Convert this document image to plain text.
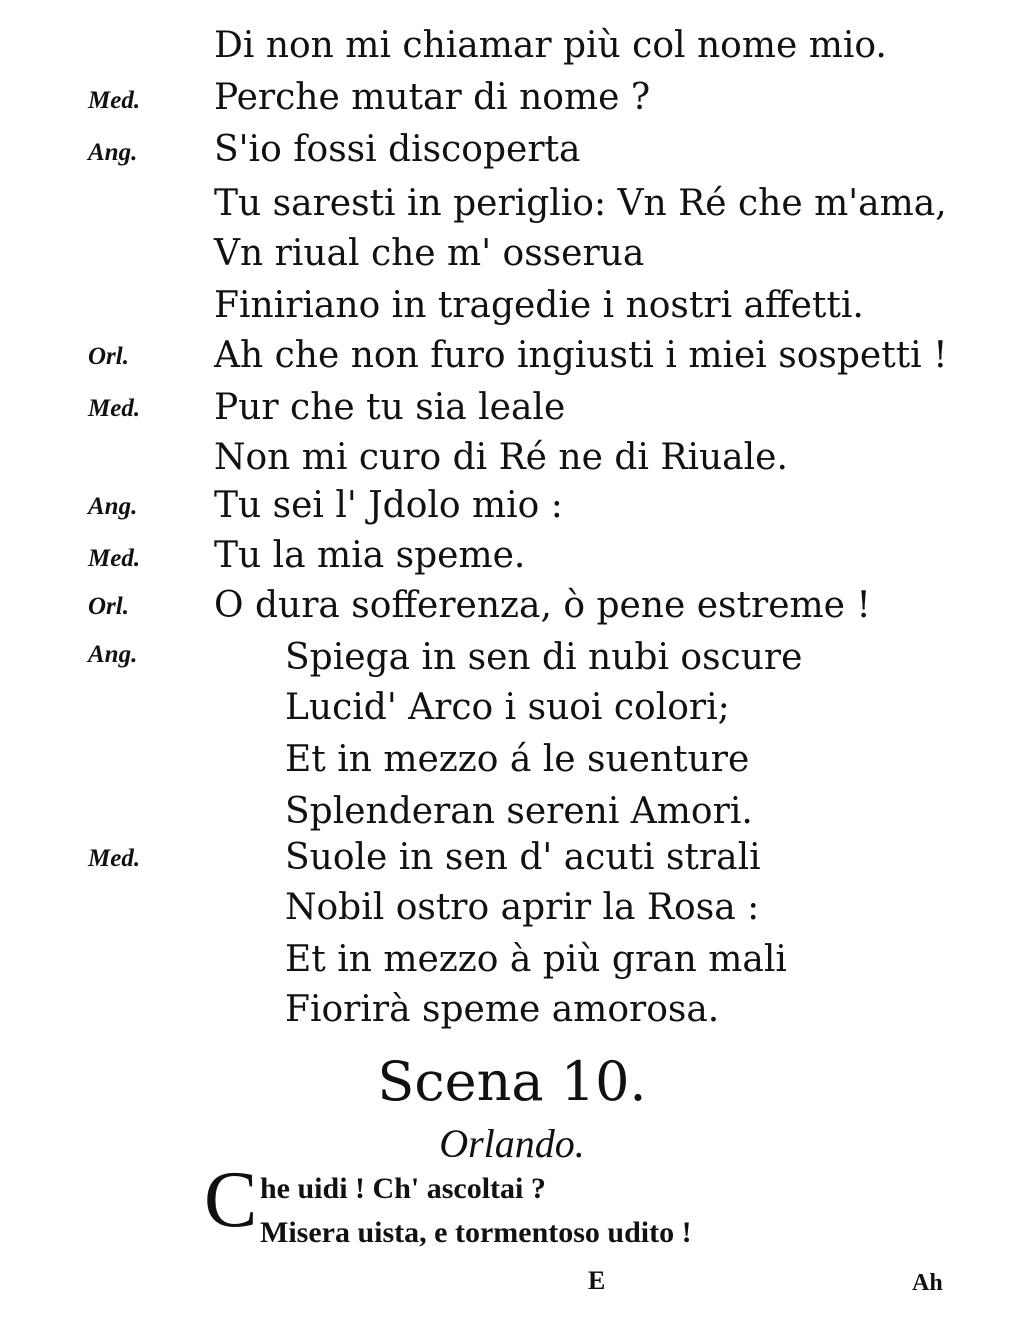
Di non mi chiamar più col nome mio.
Med.	Perche mutar di nome ?
Ang.	S'io fossi discoperta
Tu saresti in periglio: Vn Ré che m'ama,
Vn riual che m' osserua
Finiriano in tragedie i nostri affetti.
Orl.	Ah che non furo ingiusti i miei sospetti !
Med.	Pur che tu sia leale
Non mi curo di Ré ne di Riuale.
Ang.	Tu sei l' Jdolo mio :
Med.	Tu la mia speme.
Orl.	O dura sofferenza, ò pene estreme !
Ang.	Spiega in sen di nubi oscure
Lucid' Arco i suoi colori;
Et in mezzo á le suenture
Splenderan sereni Amori.
Med.	Suole in sen d' acuti strali
Nobil ostro aprir la Rosa :
Et in mezzo à più gran mali
Fiorirà speme amorosa.
Scena 10.
Orlando.
C he uidi ! Ch' ascoltai ?
Misera uista, e tormentoso udito !
E	Ah
